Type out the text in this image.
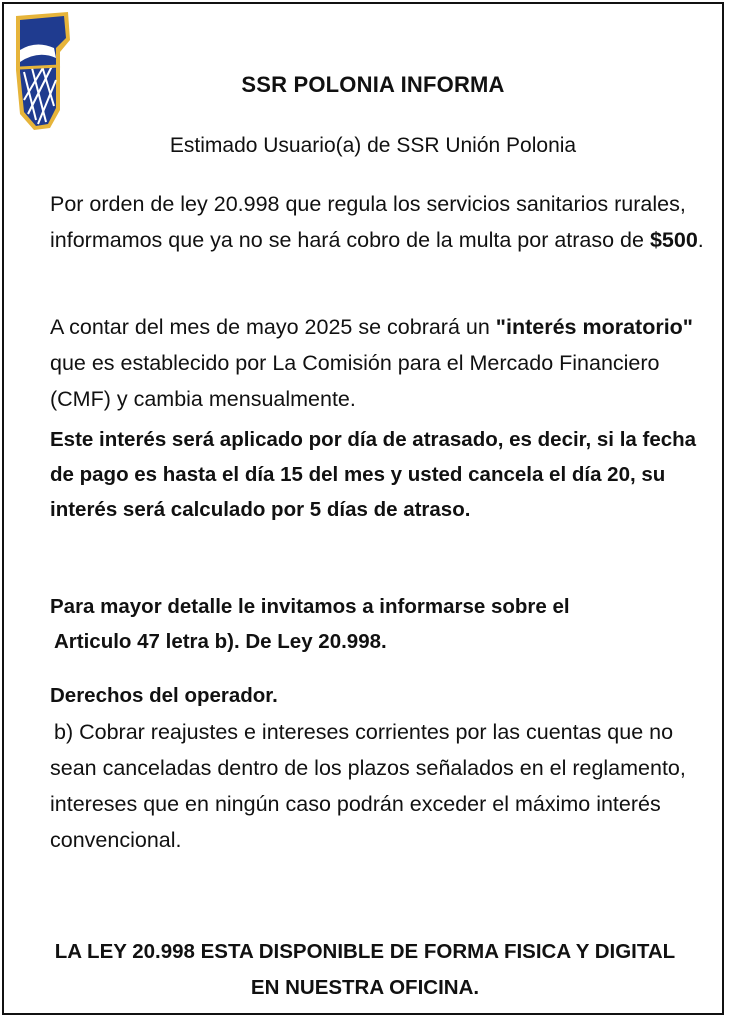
SSR POLONIA INFORMA
Estimado Usuario(a) de SSR Unión Polonia

Por orden de ley 20.998 que regula los servicios sanitarios rurales, informamos que ya no se hará cobro de la multa por atraso de $500.

A contar del mes de mayo 2025 se cobrará un "interés moratorio" que es establecido por La Comisión para el Mercado Financiero (CMF) y cambia mensualmente.

Este interés será aplicado por día de atrasado, es decir, si la fecha de pago es hasta el día 15 del mes y usted cancela el día 20, su interés será calculado por 5 días de atraso.

Para mayor detalle le invitamos a informarse sobre el
Articulo 47 letra b). De Ley 20.998.

Derechos del operador.
b) Cobrar reajustes e intereses corrientes por las cuentas que no sean canceladas dentro de los plazos señalados en el reglamento, intereses que en ningún caso podrán exceder el máximo interés convencional.

LA LEY 20.998 ESTA DISPONIBLE DE FORMA FISICA Y DIGITAL
EN NUESTRA OFICINA.
